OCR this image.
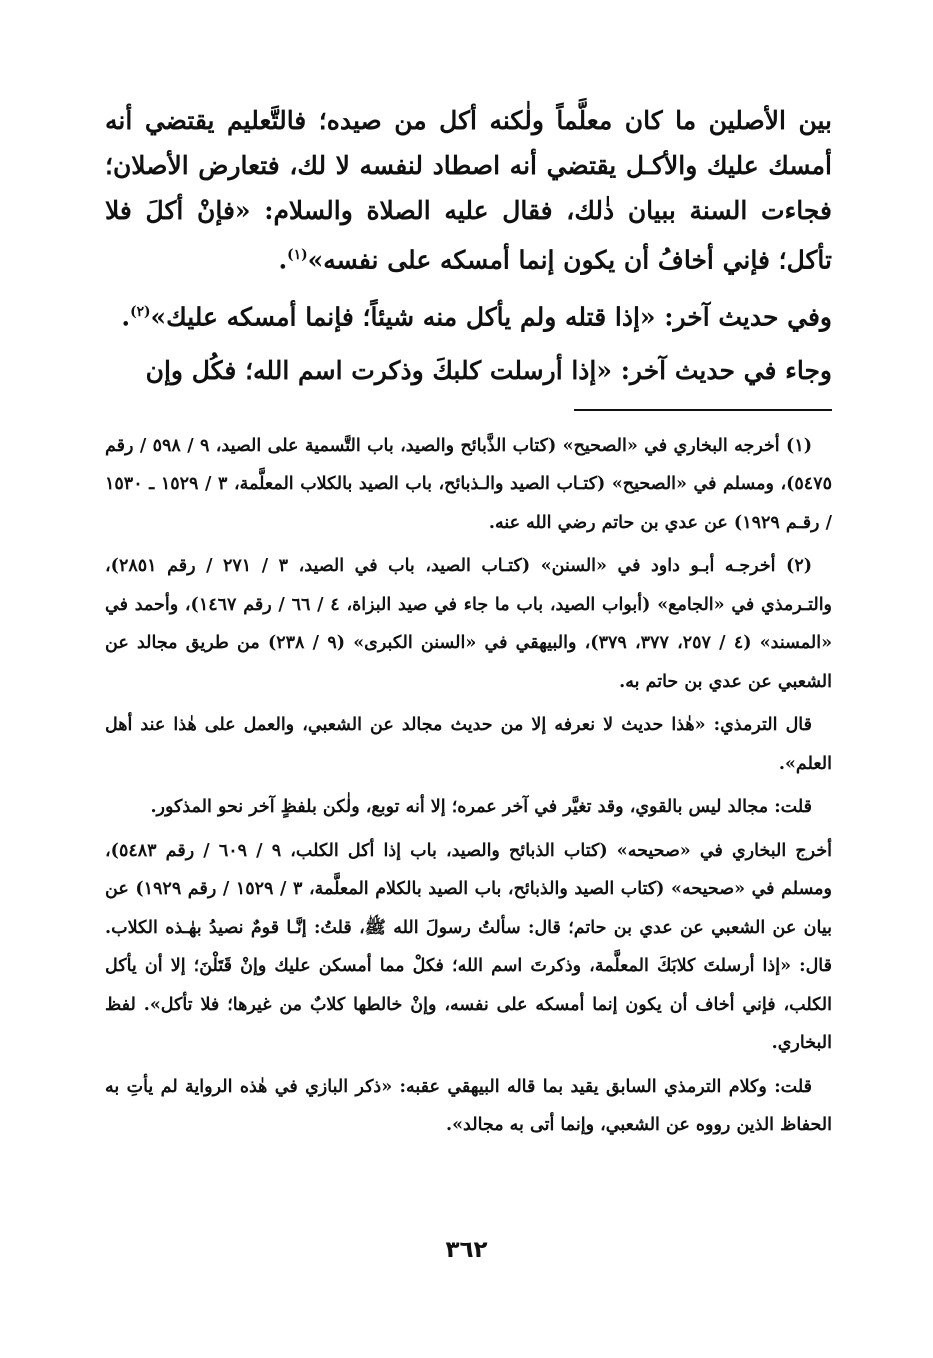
بين الأصلين ما كان معلَّماً ولٰكنه أكل من صيده؛ فالتَّعليم يقتضي أنه أمسك عليك والأكـل يقتضي أنه اصطاد لنفسه لا لك، فتعارض الأصلان؛ فجاءت السنة ببيان ذٰلك، فقال عليه الصلاة والسلام: «فإنْ أكلَ فلا تأكل؛ فإني أخافُ أن يكون إنما أمسكه على نفسه»$^{(١)}$.

وفي حديث آخر: «إذا قتله ولم يأكل منه شيئاً؛ فإنما أمسكه عليك»$^{(٢)}$.

وجاء في حديث آخر: «إذا أرسلت كلبكَ وذكرت اسم الله؛ فكُل وإن

(١) أخرجه البخاري في «الصحيح» (كتاب الذَّبائح والصيد، باب التَّسمية على الصيد، ٩ / ٥٩٨ / رقم ٥٤٧٥)، ومسلم في «الصحيح» (كتـاب الصيد والـذبائح، باب الصيد بالكلاب المعلَّمة، ٣ / ١٥٢٩ ـ ١٥٣٠ / رقـم ١٩٢٩) عن عدي بن حاتم رضي الله عنه.

(٢) أخرجـه أبـو داود في «السنن» (كتـاب الصيد، باب في الصيد، ٣ / ٢٧١ / رقم ٢٨٥١)، والتـرمذي في «الجامع» (أبواب الصيد، باب ما جاء في صيد البزاة، ٤ / ٦٦ / رقم ١٤٦٧)، وأحمد في «المسند» (٤ / ٢٥٧، ٣٧٧، ٣٧٩)، والبيهقي في «السنن الكبرى» (٩ / ٢٣٨) من طريق مجالد عن الشعبي عن عدي بن حاتم به.

قال الترمذي: «هٰذا حديث لا نعرفه إلا من حديث مجالد عن الشعبي، والعمل على هٰذا عند أهل العلم».

قلت: مجالد ليس بالقوي، وقد تغيَّر في آخر عمره؛ إلا أنه توبع، ولٰكن بلفظٍ آخر نحو المذكور.

أخرج البخاري في «صحيحه» (كتاب الذبائح والصيد، باب إذا أكل الكلب، ٩ / ٦٠٩ / رقم ٥٤٨٣)، ومسلم في «صحيحه» (كتاب الصيد والذبائح، باب الصيد بالكلام المعلَّمة، ٣ / ١٥٢٩ / رقم ١٩٢٩) عن بيان عن الشعبي عن عدي بن حاتم؛ قال: سألتُ رسولَ الله ﷺ، قلتُ: إنَّـا قومٌ نصيدُ بهٰـذه الكلاب. قال: «إذا أرسلتَ كلابَكَ المعلَّمة، وذكرتَ اسم الله؛ فكلْ مما أمسكن عليك وإنْ قَتَلْنَ؛ إلا أن يأكل الكلب، فإني أخاف أن يكون إنما أمسكه على نفسه، وإنْ خالطها كلابٌ من غيرها؛ فلا تأكل». لفظ البخاري.

قلت: وكلام الترمذي السابق يقيد بما قاله البيهقي عقبه: «ذكر البازي في هٰذه الرواية لم يأتِ به الحفاظ الذين رووه عن الشعبي، وإنما أتى به مجالد».

٣٦٢
